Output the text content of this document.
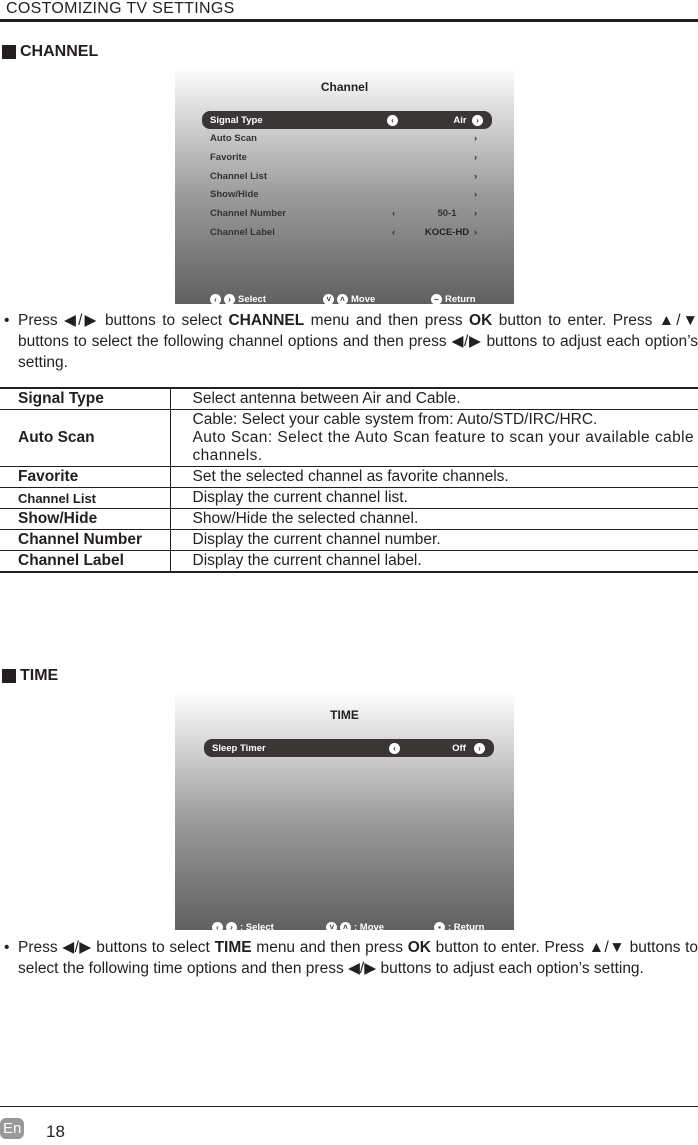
COSTOMIZING TV SETTINGS
CHANNEL
Channel
Signal Type	‹	Air	›
Auto Scan	›
Favorite	›
Channel List	›
Show/Hide	›
Channel Number	‹	50-1	›
Channel Label	‹	KOCE-HD ›
‹	› Select	˅	˄ Move	– Return
• Press ◀/▶ buttons to select CHANNEL menu and then press OK button to enter. Press ▲/▼ buttons to select the following channel options and then press ◀/▶ buttons to adjust each option’s setting.
Signal Type	Select antenna between Air and Cable.
Auto Scan	Cable: Select your cable system from: Auto/STD/IRC/HRC.
Auto Scan: Select the Auto Scan feature to scan your available cable channels.

Favorite	Set the selected channel as favorite channels.
Channel List	Display the current channel list.
Show/Hide	Show/Hide the selected channel.
Channel Number	Display the current channel number.
Channel Label	Display the current channel label.
TIME
TIME
Sleep Timer	‹	Off	›
‹	› : Select	˅	˄ : Move	▪ : Return
• Press ◀/▶ buttons to select TIME menu and then press OK button to enter. Press ▲/▼ buttons to select the following time options and then press ◀/▶ buttons to adjust each option’s setting.
En 18
